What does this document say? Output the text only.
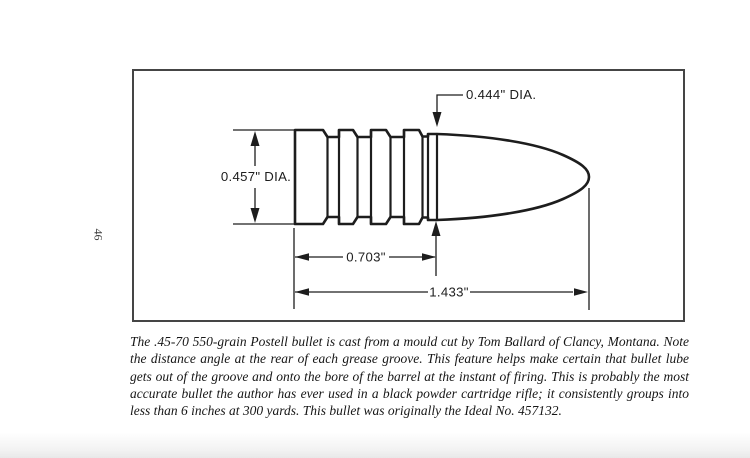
46
0.457" DIA.
0.444" DIA.
0.703"
1.433"

The .45-70 550-grain Postell bullet is cast from a mould cut by Tom Ballard of Clancy, Montana. Note the distance angle at the rear of each grease groove. This feature helps make certain that bullet lube gets out of the groove and onto the bore of the barrel at the instant of firing. This is probably the most accurate bullet the author has ever used in a black powder cartridge rifle; it consistently groups into less than 6 inches at 300 yards. This bullet was originally the Ideal No. 457132.
